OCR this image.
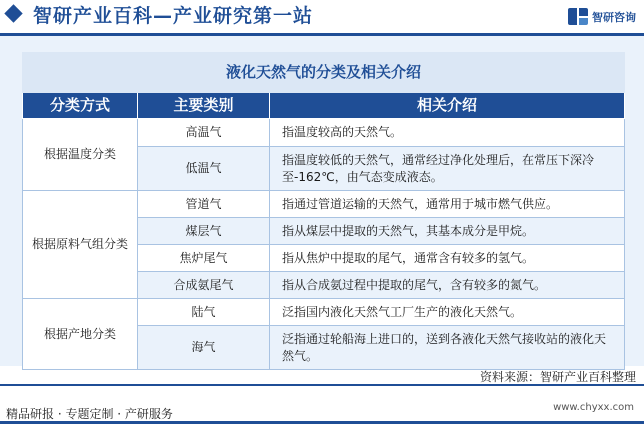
智研产业百科—产业研究第一站	智研咨询
液化天然气的分类及相关介绍		
分类方式	主要类别	相关介绍
根据温度分类	高温气	指温度较高的天然气。
	低温气	指温度较低的天然气，通常经过净化处理后，在常压下深冷至-162℃，由气态变成液态。
根据原料气组分类	管道气	指通过管道运输的天然气，通常用于城市燃气供应。
	煤层气	指从煤层中提取的天然气，其基本成分是甲烷。
	焦炉尾气	指从焦炉中提取的尾气，通常含有较多的氢气。
	合成氨尾气	指从合成氨过程中提取的尾气，含有较多的氮气。
根据产地分类	陆气	泛指国内液化天然气工厂生产的液化天然气。
	海气	泛指通过轮船海上进口的，送到各液化天然气接收站的液化天然气。
资料来源：智研产业百科整理
精品研报 · 专题定制 · 产研服务	www.chyxx.com
